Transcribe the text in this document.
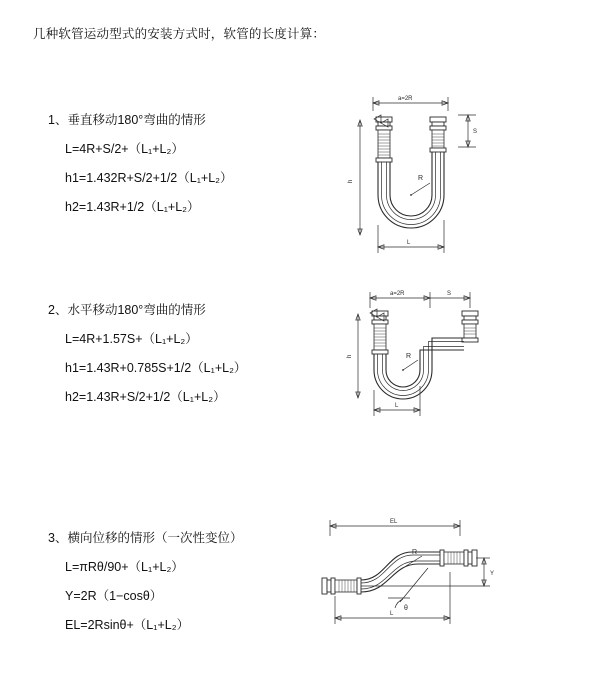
几种软管运动型式的安装方式时，软管的长度计算：
1、垂直移动180°弯曲的情形
L=4R+S/2+（L₁+L₂）
h1=1.432R+S/2+1/2（L₁+L₂）
h2=1.43R+1/2（L₁+L₂）
a=2R
h
S
R
L
2、水平移动180°弯曲的情形
L=4R+1.57S+（L₁+L₂）
h1=1.43R+0.785S+1/2（L₁+L₂）
h2=1.43R+S/2+1/2（L₁+L₂）
a=2R	S
h	R
L
3、横向位移的情形（一次性变位）
L=πRθ/90+（L₁+L₂）
Y=2R（1−cosθ）
EL=2Rsinθ+（L₁+L₂）
EL
Y
θ
R
L
